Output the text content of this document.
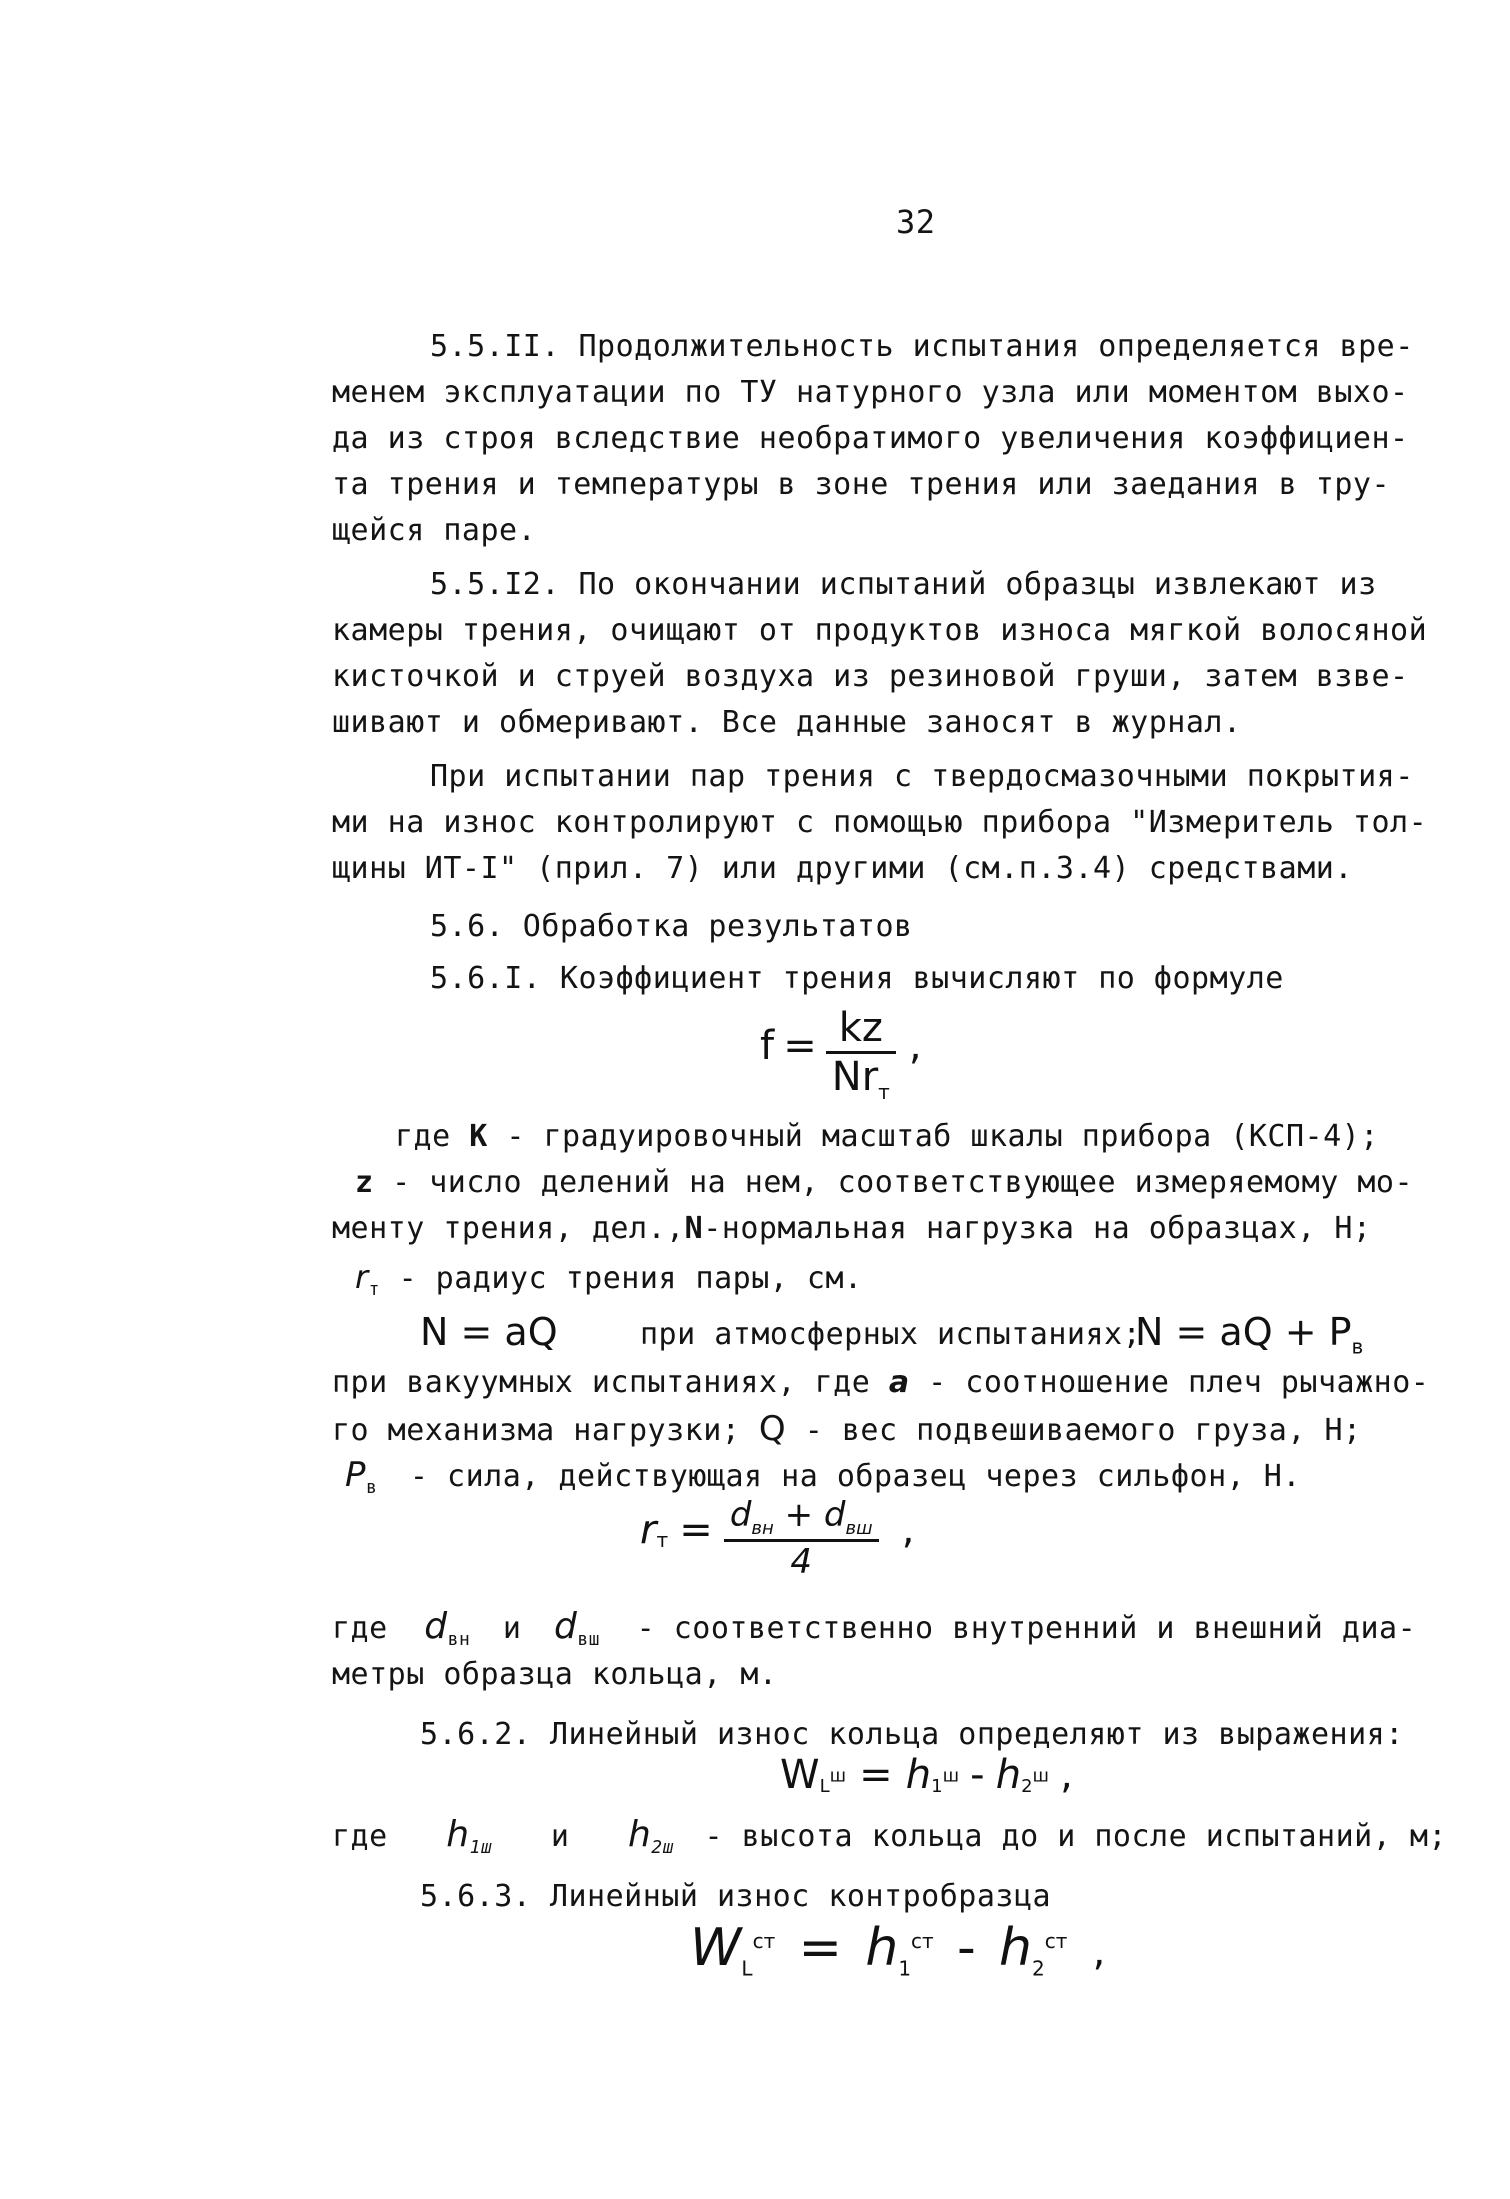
32
5.5.II. Продолжительность испытания определяется вре-
менем эксплуатации по ТУ натурного узла или моментом выхо-
да из строя вследствие необратимого увеличения коэффициен-
та трения и температуры в зоне трения или заедания в тру-
щейся паре.
5.5.I2. По окончании испытаний образцы извлекают из
камеры трения, очищают от продуктов износа мягкой волосяной
кисточкой и струей воздуха из резиновой груши, затем взве-
шивают и обмеривают. Все данные заносят в журнал.
При испытании пар трения с твердосмазочными покрытия-
ми на износ контролируют с помощью прибора "Измеритель тол-
щины ИТ-I" (прил. 7) или другими (см.п.3.4) средствами.
5.6. Обработка результатов
5.6.I. Коэффициент трения вычисляют по формуле
$f = \frac{kz}{Nr_т}$ ,
где К - градуировочный масштаб шкалы прибора (КСП-4);
z - число делений на нем, соответствующее измеряемому мо-
менту трения, дел.,N-нормальная нагрузка на образцах, Н;
$r_т$ - радиус трения пары, см.
N = aQ	при атмосферных испытаниях;
N = aQ + $P_в$
при вакуумных испытаниях, где a - соотношение плеч рычажно-
го механизма нагрузки; Q - вес подвешиваемого груза, Н;
$P_в$ - сила, действующая на образец через сильфон, Н.
$r_т = \frac{d_{вн} + d_{вш}}{4}$ ,
где $d_{вн}$ и $d_{вш}$ - соответственно внутренний и внешний диа-
метры образца кольца, м.
5.6.2. Линейный износ кольца определяют из выражения:
$W_L^ш = h_1^ш - h_2^ш$ ,
где $h_{1ш}$ и $h_{2ш}$ - высота кольца до и после испытаний, м;
5.6.3. Линейный износ контробразца
$W_L^{ст} = h_1^{ст} - h_2^{ст}$ ,
